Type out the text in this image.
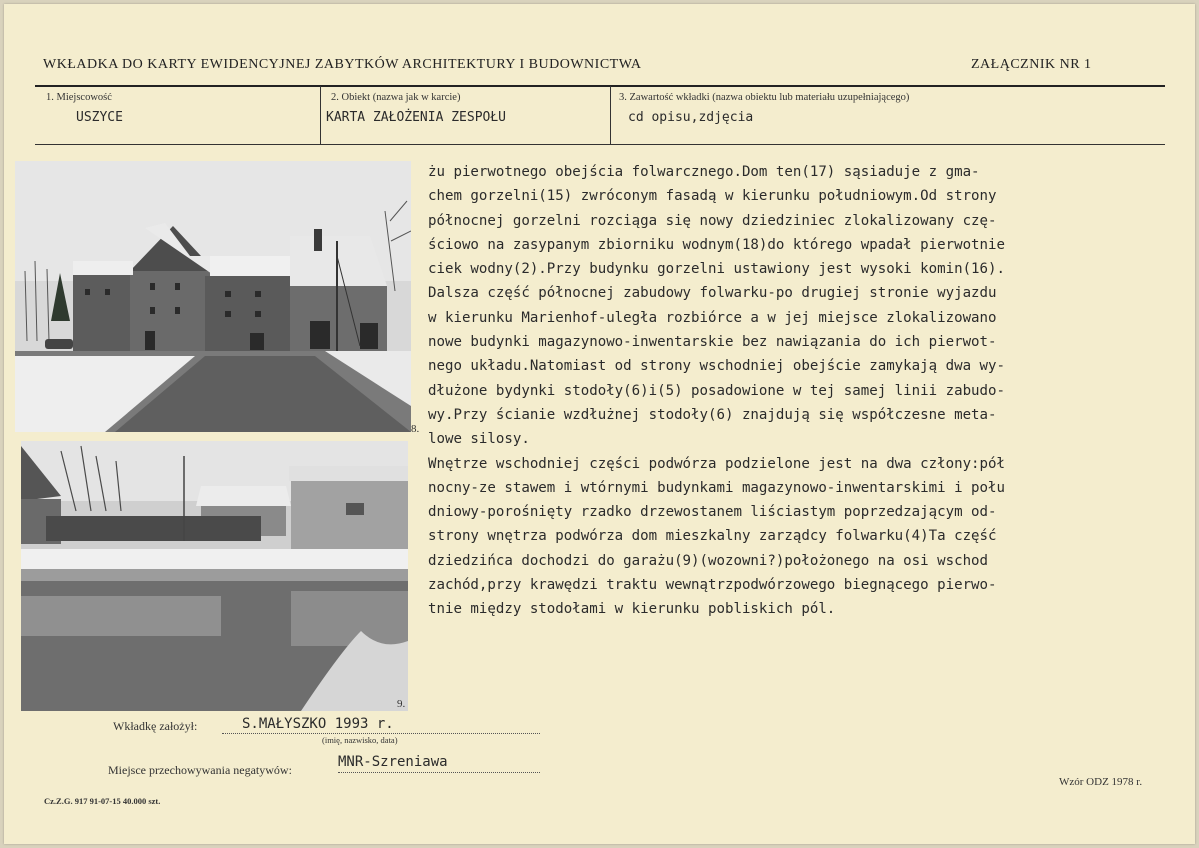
WKŁADKA DO KARTY EWIDENCYJNEJ ZABYTKÓW ARCHITEKTURY I BUDOWNICTWA	ZAŁĄCZNIK NR 1
1. Miejscowość
USZYCE
2. Obiekt (nazwa jak w karcie)
KARTA ZAŁOŻENIA ZESPOŁU
3. Zawartość wkładki (nazwa obiektu lub materiału uzupełniającego)
cd opisu,zdjęcia
8.
9.
żu pierwotnego obejścia folwarcznego.Dom ten(17) sąsiaduje z gma-
chem gorzelni(15) zwróconym fasadą w kierunku południowym.Od strony
północnej gorzelni rozciąga się nowy dziedziniec zlokalizowany czę-
ściowo na zasypanym zbiorniku wodnym(18)do którego wpadał pierwotnie
ciek wodny(2).Przy budynku gorzelni ustawiony jest wysoki komin(16).
Dalsza część północnej zabudowy folwarku-po drugiej stronie wyjazdu
w kierunku Marienhof-uległa rozbiórce a w jej miejsce zlokalizowano
nowe budynki magazynowo-inwentarskie bez nawiązania do ich pierwot-
nego układu.Natomiast od strony wschodniej obejście zamykają dwa wy-
dłużone bydynki stodoły(6)i(5) posadowione w tej samej linii zabudo-
wy.Przy ścianie wzdłużnej stodoły(6) znajdują się współczesne meta-
lowe silosy.
Wnętrze wschodniej części podwórza podzielone jest na dwa człony:pół
nocny-ze stawem i wtórnymi budynkami magazynowo-inwentarskimi i połu
dniowy-porośnięty rzadko drzewostanem liściastym poprzedzającym od-
strony wnętrza podwórza dom mieszkalny zarządcy folwarku(4)Ta część
dziedzińca dochodzi do garażu(9)(wozowni?)położonego na osi wschod
zachód,przy krawędzi traktu wewnątrzpodwórzowego biegnącego pierwo-
tnie między stodołami w kierunku pobliskich pól.
Wkładkę założył:	S.MAŁYSZKO 1993 r.
(imię, nazwisko, data)
Miejsce przechowywania negatywów:	MNR-Szreniawa
Cz.Z.G. 917 91-07-15 40.000 szt.
Wzór ODZ 1978 r.
